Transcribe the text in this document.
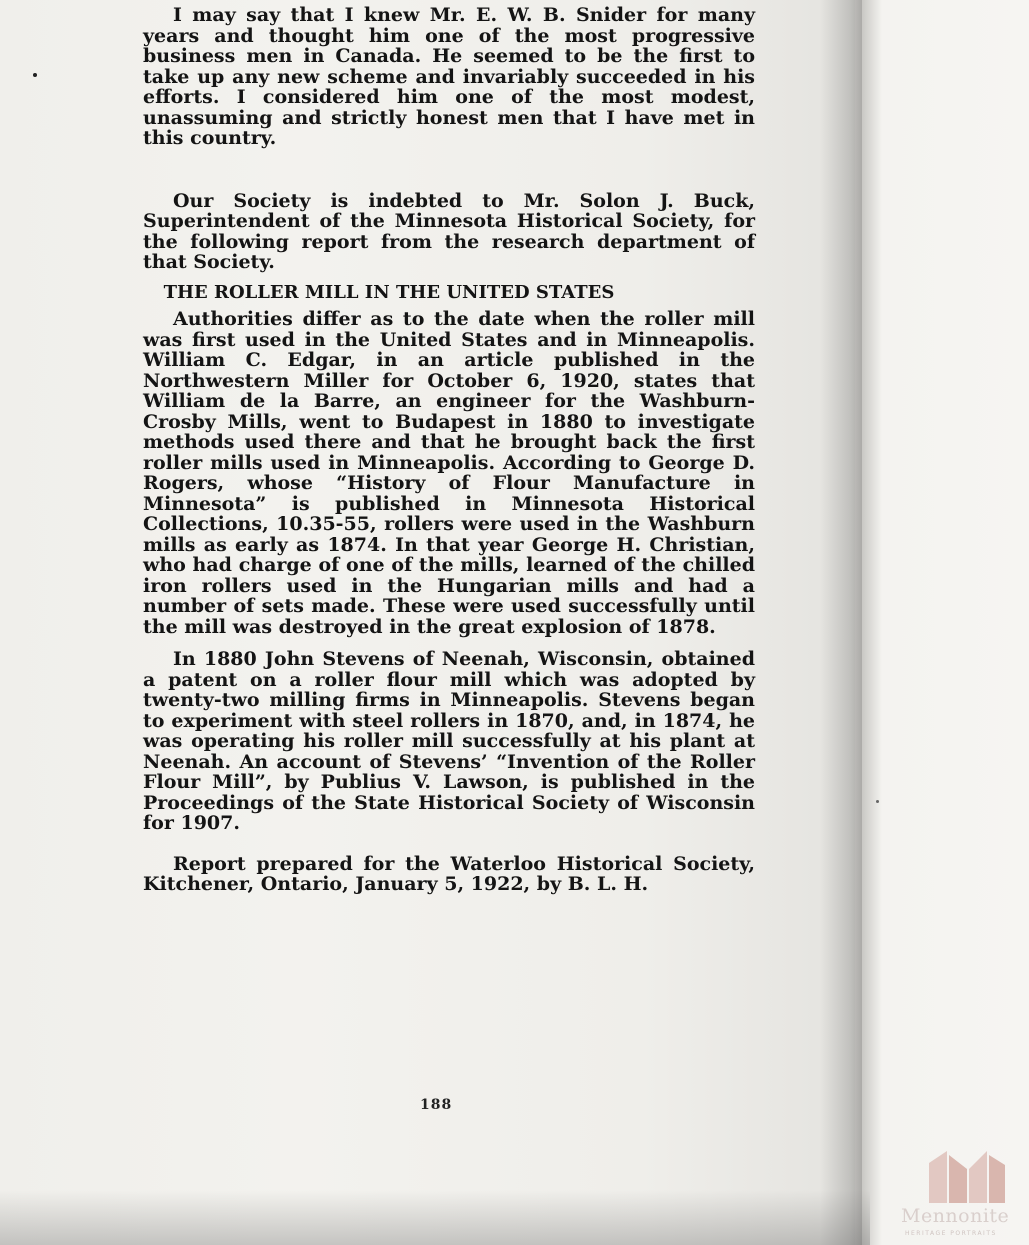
I may say that I knew Mr. E. W. B. Snider for many years and thought him one of the most progressive business men in Canada. He seemed to be the first to take up any new scheme and invariably succeeded in his efforts. I considered him one of the most modest, unassuming and strictly honest men that I have met in this country.

Our Society is indebted to Mr. Solon J. Buck, Superintendent of the Minnesota Historical Society, for the following report from the research department of that Society.

THE ROLLER MILL IN THE UNITED STATES

Authorities differ as to the date when the roller mill was first used in the United States and in Minneapolis. William C. Edgar, in an article published in the Northwestern Miller for October 6, 1920, states that William de la Barre, an engineer for the Washburn-Crosby Mills, went to Budapest in 1880 to investigate methods used there and that he brought back the first roller mills used in Minneapolis. According to George D. Rogers, whose “History of Flour Manufacture in Minnesota” is published in Minnesota Historical Collections, 10.35-55, rollers were used in the Washburn mills as early as 1874. In that year George H. Christian, who had charge of one of the mills, learned of the chilled iron rollers used in the Hungarian mills and had a number of sets made. These were used successfully until the mill was destroyed in the great explosion of 1878.

In 1880 John Stevens of Neenah, Wisconsin, obtained a patent on a roller flour mill which was adopted by twenty-two milling firms in Minneapolis. Stevens began to experiment with steel rollers in 1870, and, in 1874, he was operating his roller mill successfully at his plant at Neenah. An account of Stevens’ “Invention of the Roller Flour Mill”, by Publius V. Lawson, is published in the Proceedings of the State Historical Society of Wisconsin for 1907.

Report prepared for the Waterloo Historical Society, Kitchener, Ontario, January 5, 1922, by B. L. H.

188
Mennonite
HERITAGE PORTRAITS
